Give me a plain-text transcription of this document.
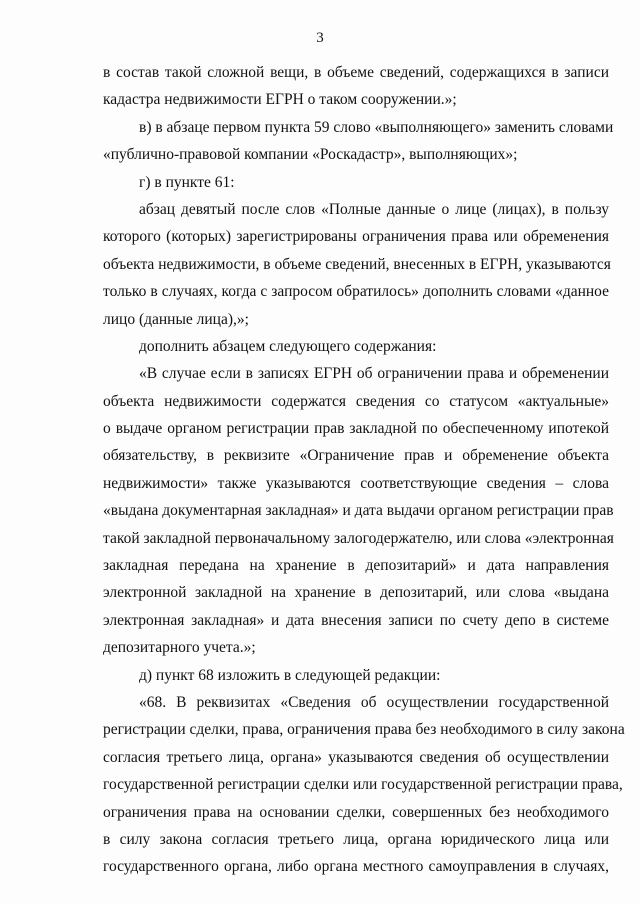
3
в состав такой сложной вещи, в объеме сведений, содержащихся в записи
кадастра недвижимости ЕГРН о таком сооружении.»;
в) в абзаце первом пункта 59 слово «выполняющего» заменить словами
«публично-правовой компании «Роскадастр», выполняющих»;
г) в пункте 61:
абзац девятый после слов «Полные данные о лице (лицах), в пользу
которого (которых) зарегистрированы ограничения права или обременения
объекта недвижимости, в объеме сведений, внесенных в ЕГРН, указываются
только в случаях, когда с запросом обратилось» дополнить словами «данное
лицо (данные лица),»;
дополнить абзацем следующего содержания:
«В случае если в записях ЕГРН об ограничении права и обременении
объекта недвижимости содержатся сведения со статусом «актуальные»
о выдаче органом регистрации прав закладной по обеспеченному ипотекой
обязательству, в реквизите «Ограничение прав и обременение объекта
недвижимости» также указываются соответствующие сведения – слова
«выдана документарная закладная» и дата выдачи органом регистрации прав
такой закладной первоначальному залогодержателю, или слова «электронная
закладная передана на хранение в депозитарий» и дата направления
электронной закладной на хранение в депозитарий, или слова «выдана
электронная закладная» и дата внесения записи по счету депо в системе
депозитарного учета.»;
д) пункт 68 изложить в следующей редакции:
«68. В реквизитах «Сведения об осуществлении государственной
регистрации сделки, права, ограничения права без необходимого в силу закона
согласия третьего лица, органа» указываются сведения об осуществлении
государственной регистрации сделки или государственной регистрации права,
ограничения права на основании сделки, совершенных без необходимого
в силу закона согласия третьего лица, органа юридического лица или
государственного органа, либо органа местного самоуправления в случаях,
